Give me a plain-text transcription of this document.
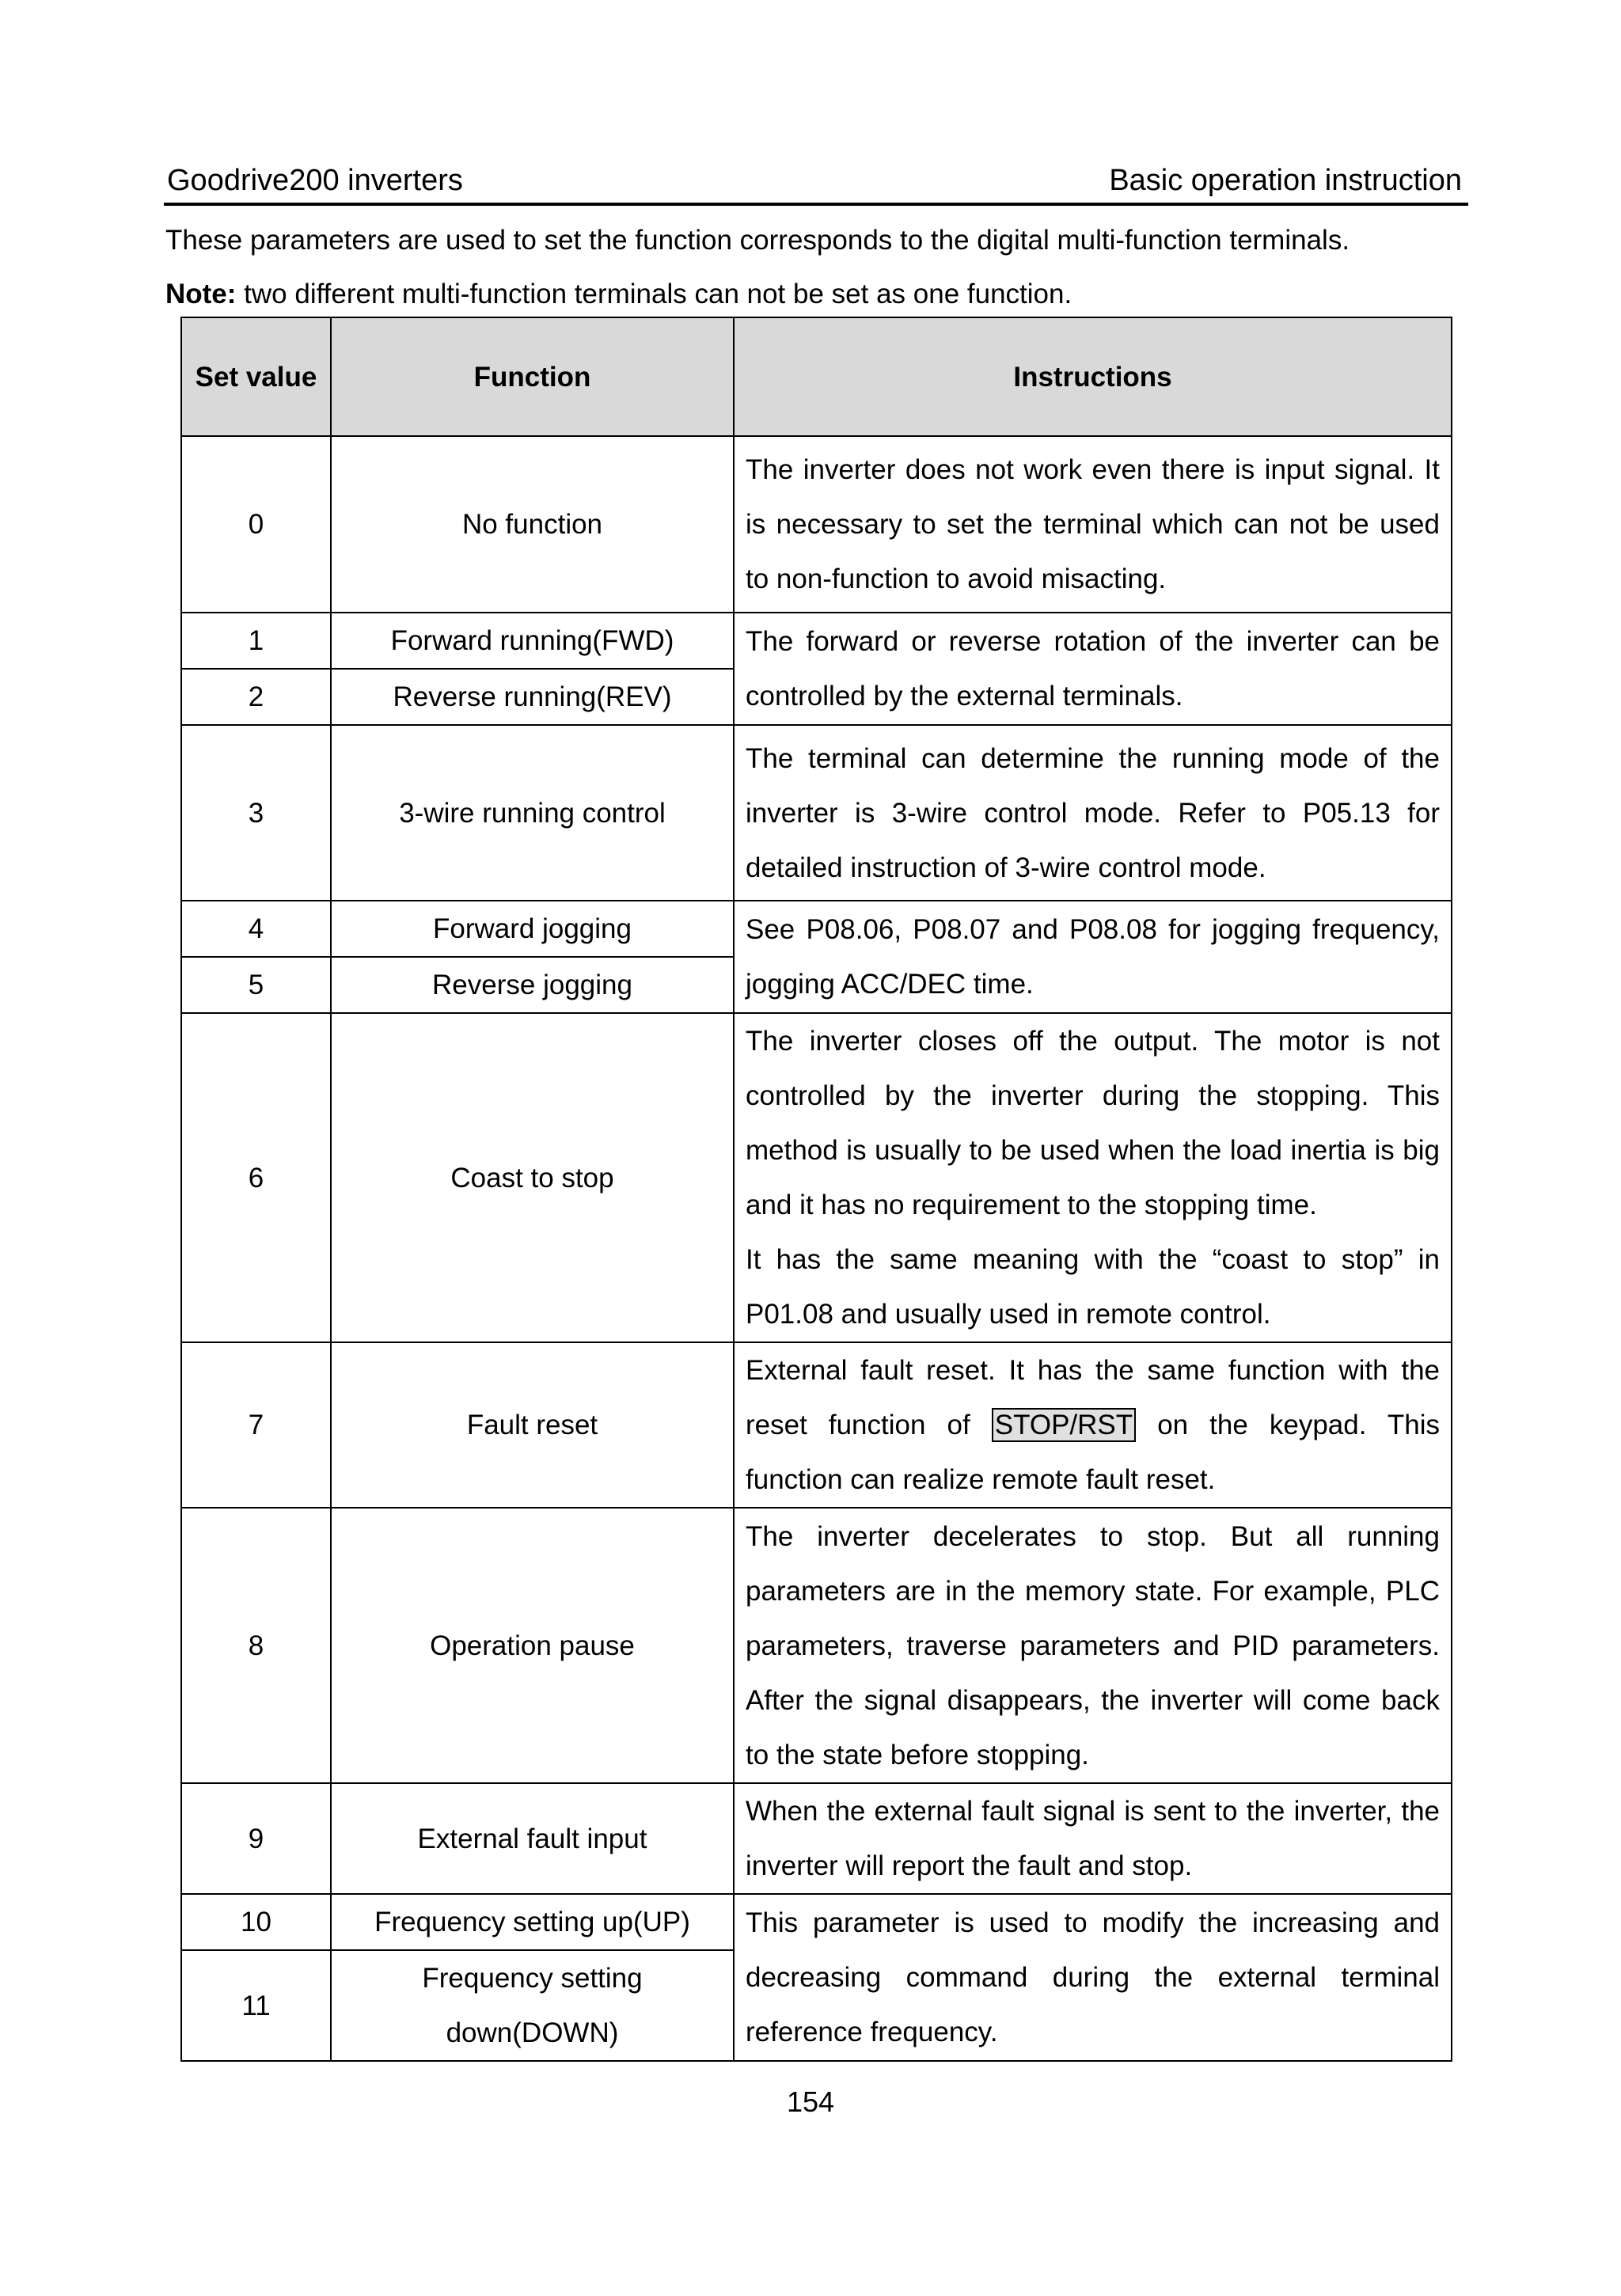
Goodrive200 inverters	Basic operation instruction
These parameters are used to set the function corresponds to the digital multi-function terminals.
Note: two different multi-function terminals can not be set as one function.
Set value	Function	Instructions
0	No function	The inverter does not work even there is input signal. It is necessary to set the terminal which can not be used to non-function to avoid misacting.
1	Forward running(FWD)	The forward or reverse rotation of the inverter can be controlled by the external terminals.
2	Reverse running(REV)	
3	3-wire running control	The terminal can determine the running mode of the inverter is 3-wire control mode. Refer to P05.13 for detailed instruction of 3-wire control mode.
4	Forward jogging	See P08.06, P08.07 and P08.08 for jogging frequency, jogging ACC/DEC time.
5	Reverse jogging	
6	Coast to stop	The inverter closes off the output. The motor is not controlled by the inverter during the stopping. This method is usually to be used when the load inertia is big and it has no requirement to the stopping time.
It has the same meaning with the “coast to stop” in P01.08 and usually used in remote control.

7	Fault reset	External fault reset. It has the same function with the reset function of STOP/RST on the keypad. This function can realize remote fault reset.
8	Operation pause	The inverter decelerates to stop. But all running parameters are in the memory state. For example, PLC parameters, traverse parameters and PID parameters. After the signal disappears, the inverter will come back to the state before stopping.
9	External fault input	When the external fault signal is sent to the inverter, the inverter will report the fault and stop.
10	Frequency setting up(UP)	This parameter is used to modify the increasing and decreasing command during the external terminal reference frequency.
11	Frequency setting down(DOWN)	
154
